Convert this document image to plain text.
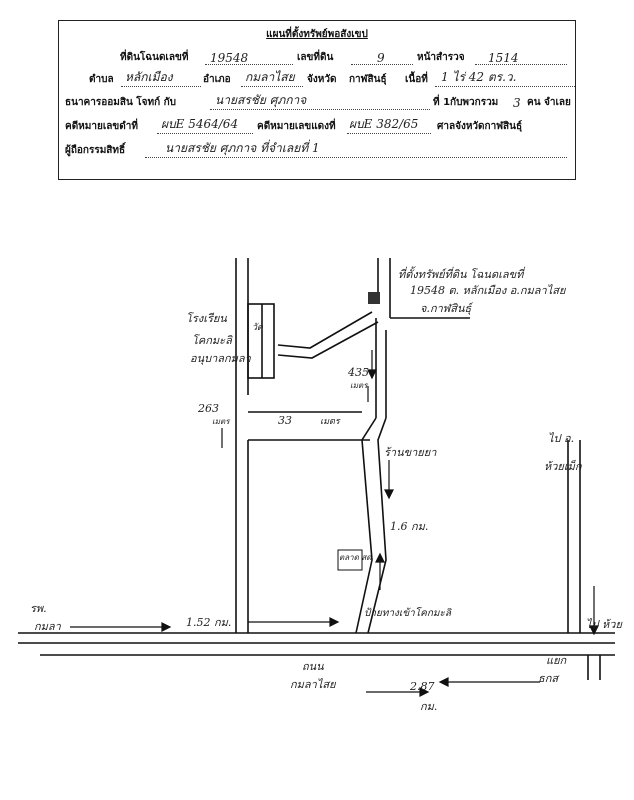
แผนที่ตั้งทรัพย์พอสังเขป
ที่ดินโฉนดเลขที่ 19548	เลขที่ดิน	9	หน้าสำรวจ 1514
ตำบล หลักเมือง	อำเภอ กมลาไสย จังหวัด กาฬสินธุ์ เนื้อที่ 1 ไร่ 42 ตร.ว.
ธนาคารออมสิน โจทก์ กับ	นายสรชัย ศุภกาจ	ที่ 1กับพวกรวม 3 คน จำเลย
คดีหมายเลขดำที่ ผบE 5464/64 คดีหมายเลขแดงที่ ผบE 382/65 ศาลจังหวัดกาฬสินธุ์
ผู้ถือกรรมสิทธิ์	นายสรชัย ศุภกาจ ที่จำเลยที่ 1
ที่ตั้งทรัพย์ที่ดิน โฉนดเลขที่
19548 ต. หลักเมือง อ.กมลาไสย
จ.กาฬสินธุ์
โรงเรียน
โคกมะลิ
อนุบาลกมลา
วัด
263
เมตร	33	เมตร
435
เมตร
ร้านขายยา
1.6 กม.
ตลาด สด
ป้ายทางเข้าโคกมะลิ
ไป อ.
ห้วยเม็ก
รพ.
กมลา	1.52 กม.
ถนน
กมลาไสย	2.87
กม.
แยก
ธกส
ไป ห้วย
